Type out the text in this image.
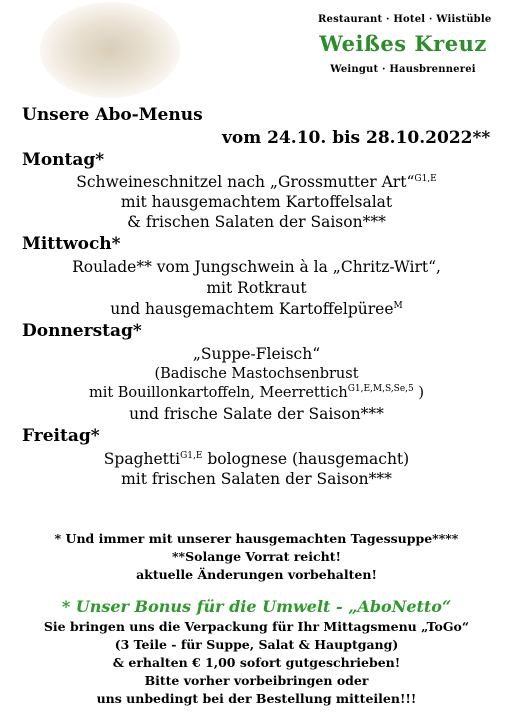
Restaurant · Hotel · Wiistüble
Weißes Kreuz
Weingut · Hausbrennerei
Unsere Abo-Menus
vom 24.10. bis 28.10.2022**
Montag*
Schweineschnitzel nach „Grossmutter Art“$^{G1,E}$
mit hausgemachtem Kartoffelsalat
& frischen Salaten der Saison***
Mittwoch*
Roulade** vom Jungschwein à la „Chritz-Wirt“,
mit Rotkraut
und hausgemachtem Kartoffelpüree$^M$
Donnerstag*
„Suppe-Fleisch“
(Badische Mastochsenbrust
mit Bouillonkartoffeln, Meerrettich$^{G1,E,M,S,Se,5}$ )
und frische Salate der Saison***
Freitag*
Spaghetti$^{G1,E}$ bolognese (hausgemacht)
mit frischen Salaten der Saison***
* Und immer mit unserer hausgemachten Tagessuppe****
**Solange Vorrat reicht!
aktuelle Änderungen vorbehalten!
* Unser Bonus für die Umwelt - „AboNetto“
Sie bringen uns die Verpackung für Ihr Mittagsmenu „ToGo“
(3 Teile - für Suppe, Salat & Hauptgang)
& erhalten € 1,00 sofort gutgeschrieben!
Bitte vorher vorbeibringen oder
uns unbedingt bei der Bestellung mitteilen!!!
